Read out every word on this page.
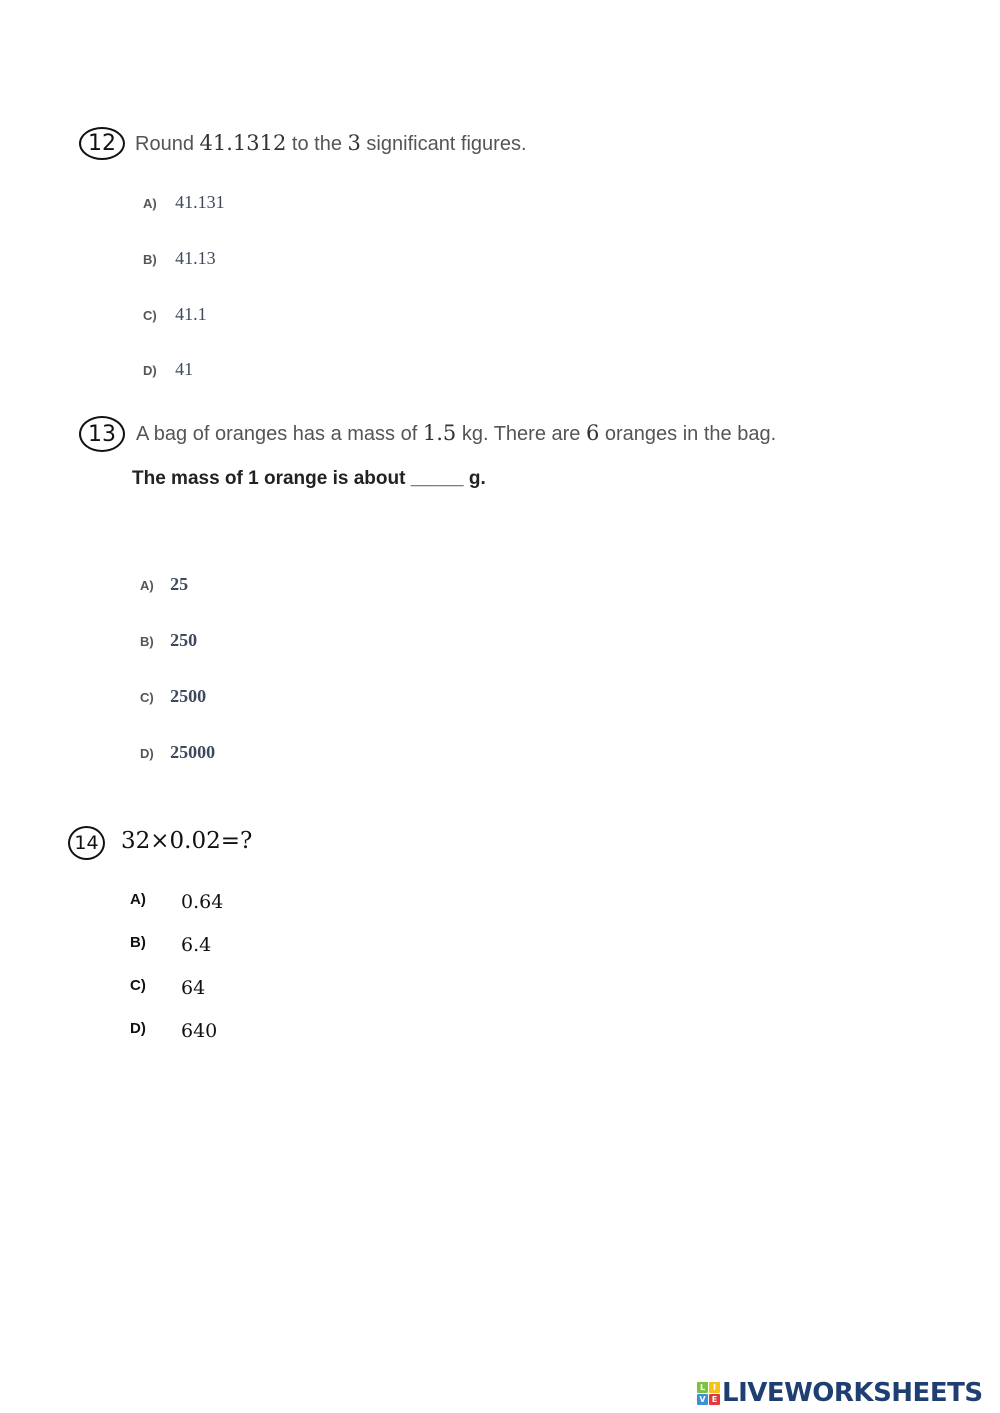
12 Round 41.1312 to the 3 significant figures.
A) 41.131
B) 41.13
C) 41.1
D) 41
13 A bag of oranges has a mass of 1.5 kg. There are 6 oranges in the bag.
The mass of 1 orange is about _____ g.
A) 25
B) 250
C) 2500
D) 25000
14 32×0.02=?
A) 0.64
B) 6.4
C) 64
D) 640
L I
V E LIVEWORKSHEETS
